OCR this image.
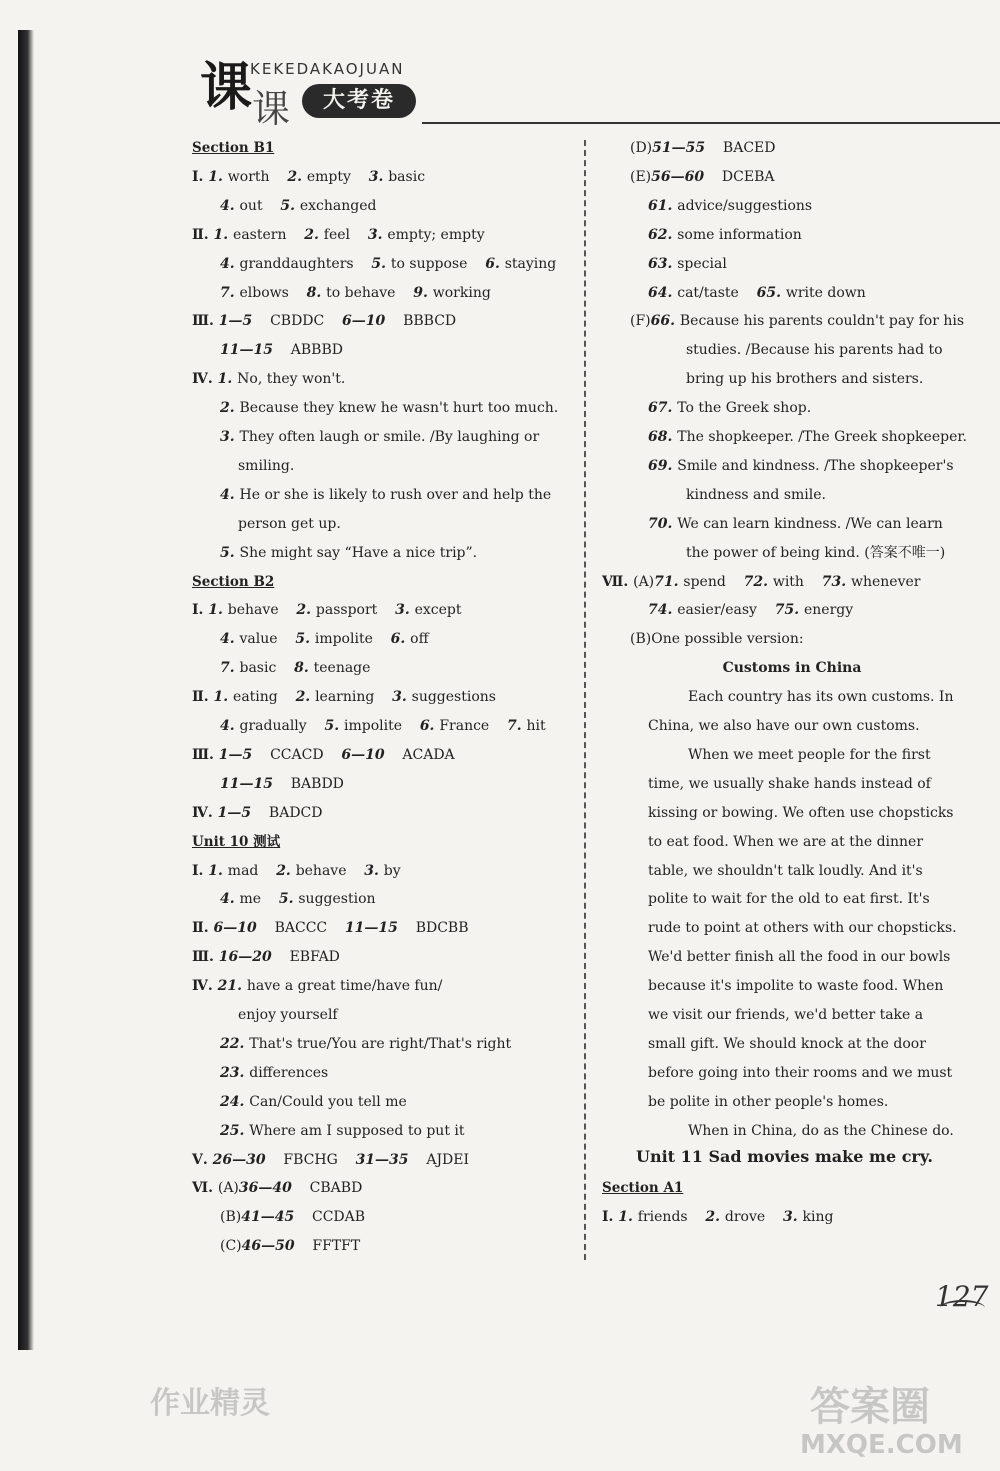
课 课
KEKEDAKAOJUAN
大考卷
Section B1
Ⅰ. 1. worth    2. empty    3. basic
4. out    5. exchanged
Ⅱ. 1. eastern    2. feel    3. empty; empty
4. granddaughters    5. to suppose    6. staying
7. elbows    8. to behave    9. working
Ⅲ. 1—5    CBDDC    6—10    BBBCD
11—15    ABBBD
Ⅳ. 1. No, they won't.
2. Because they knew he wasn't hurt too much.
3. They often laugh or smile. /By laughing or
smiling.
4. He or she is likely to rush over and help the
person get up.
5. She might say “Have a nice trip”.
Section B2
Ⅰ. 1. behave    2. passport    3. except
4. value    5. impolite    6. off
7. basic    8. teenage
Ⅱ. 1. eating    2. learning    3. suggestions
4. gradually    5. impolite    6. France    7. hit
Ⅲ. 1—5    CCACD    6—10    ACADA
11—15    BABDD
Ⅳ. 1—5    BADCD
Unit 10 测试
Ⅰ. 1. mad    2. behave    3. by
4. me    5. suggestion
Ⅱ. 6—10    BACCC    11—15    BDCBB
Ⅲ. 16—20    EBFAD
Ⅳ. 21. have a great time/have fun/
enjoy yourself
22. That's true/You are right/That's right
23. differences
24. Can/Could you tell me
25. Where am I supposed to put it
Ⅴ. 26—30    FBCHG    31—35    AJDEI
Ⅵ. (A)36—40    CBABD
(B)41—45    CCDAB
(C)46—50    FFTFT
(D)51—55    BACED
(E)56—60    DCEBA
61. advice/suggestions
62. some information
63. special
64. cat/taste    65. write down
(F)66. Because his parents couldn't pay for his
studies. /Because his parents had to
bring up his brothers and sisters.
67. To the Greek shop.
68. The shopkeeper. /The Greek shopkeeper.
69. Smile and kindness. /The shopkeeper's
kindness and smile.
70. We can learn kindness. /We can learn
the power of being kind. (答案不唯一)
Ⅶ. (A)71. spend    72. with    73. whenever
74. easier/easy    75. energy
(B)One possible version:
Customs in China
Each country has its own customs. In
China, we also have our own customs.
When we meet people for the first
time, we usually shake hands instead of
kissing or bowing. We often use chopsticks
to eat food. When we are at the dinner
table, we shouldn't talk loudly. And it's
polite to wait for the old to eat first. It's
rude to point at others with our chopsticks.
We'd better finish all the food in our bowls
because it's impolite to waste food. When
we visit our friends, we'd better take a
small gift. We should knock at the door
before going into their rooms and we must
be polite in other people's homes.
When in China, do as the Chinese do.
Unit 11 Sad movies make me cry.
Section A1
Ⅰ. 1. friends    2. drove    3. king
127
作业精灵	答案圈
MXQE.COM
